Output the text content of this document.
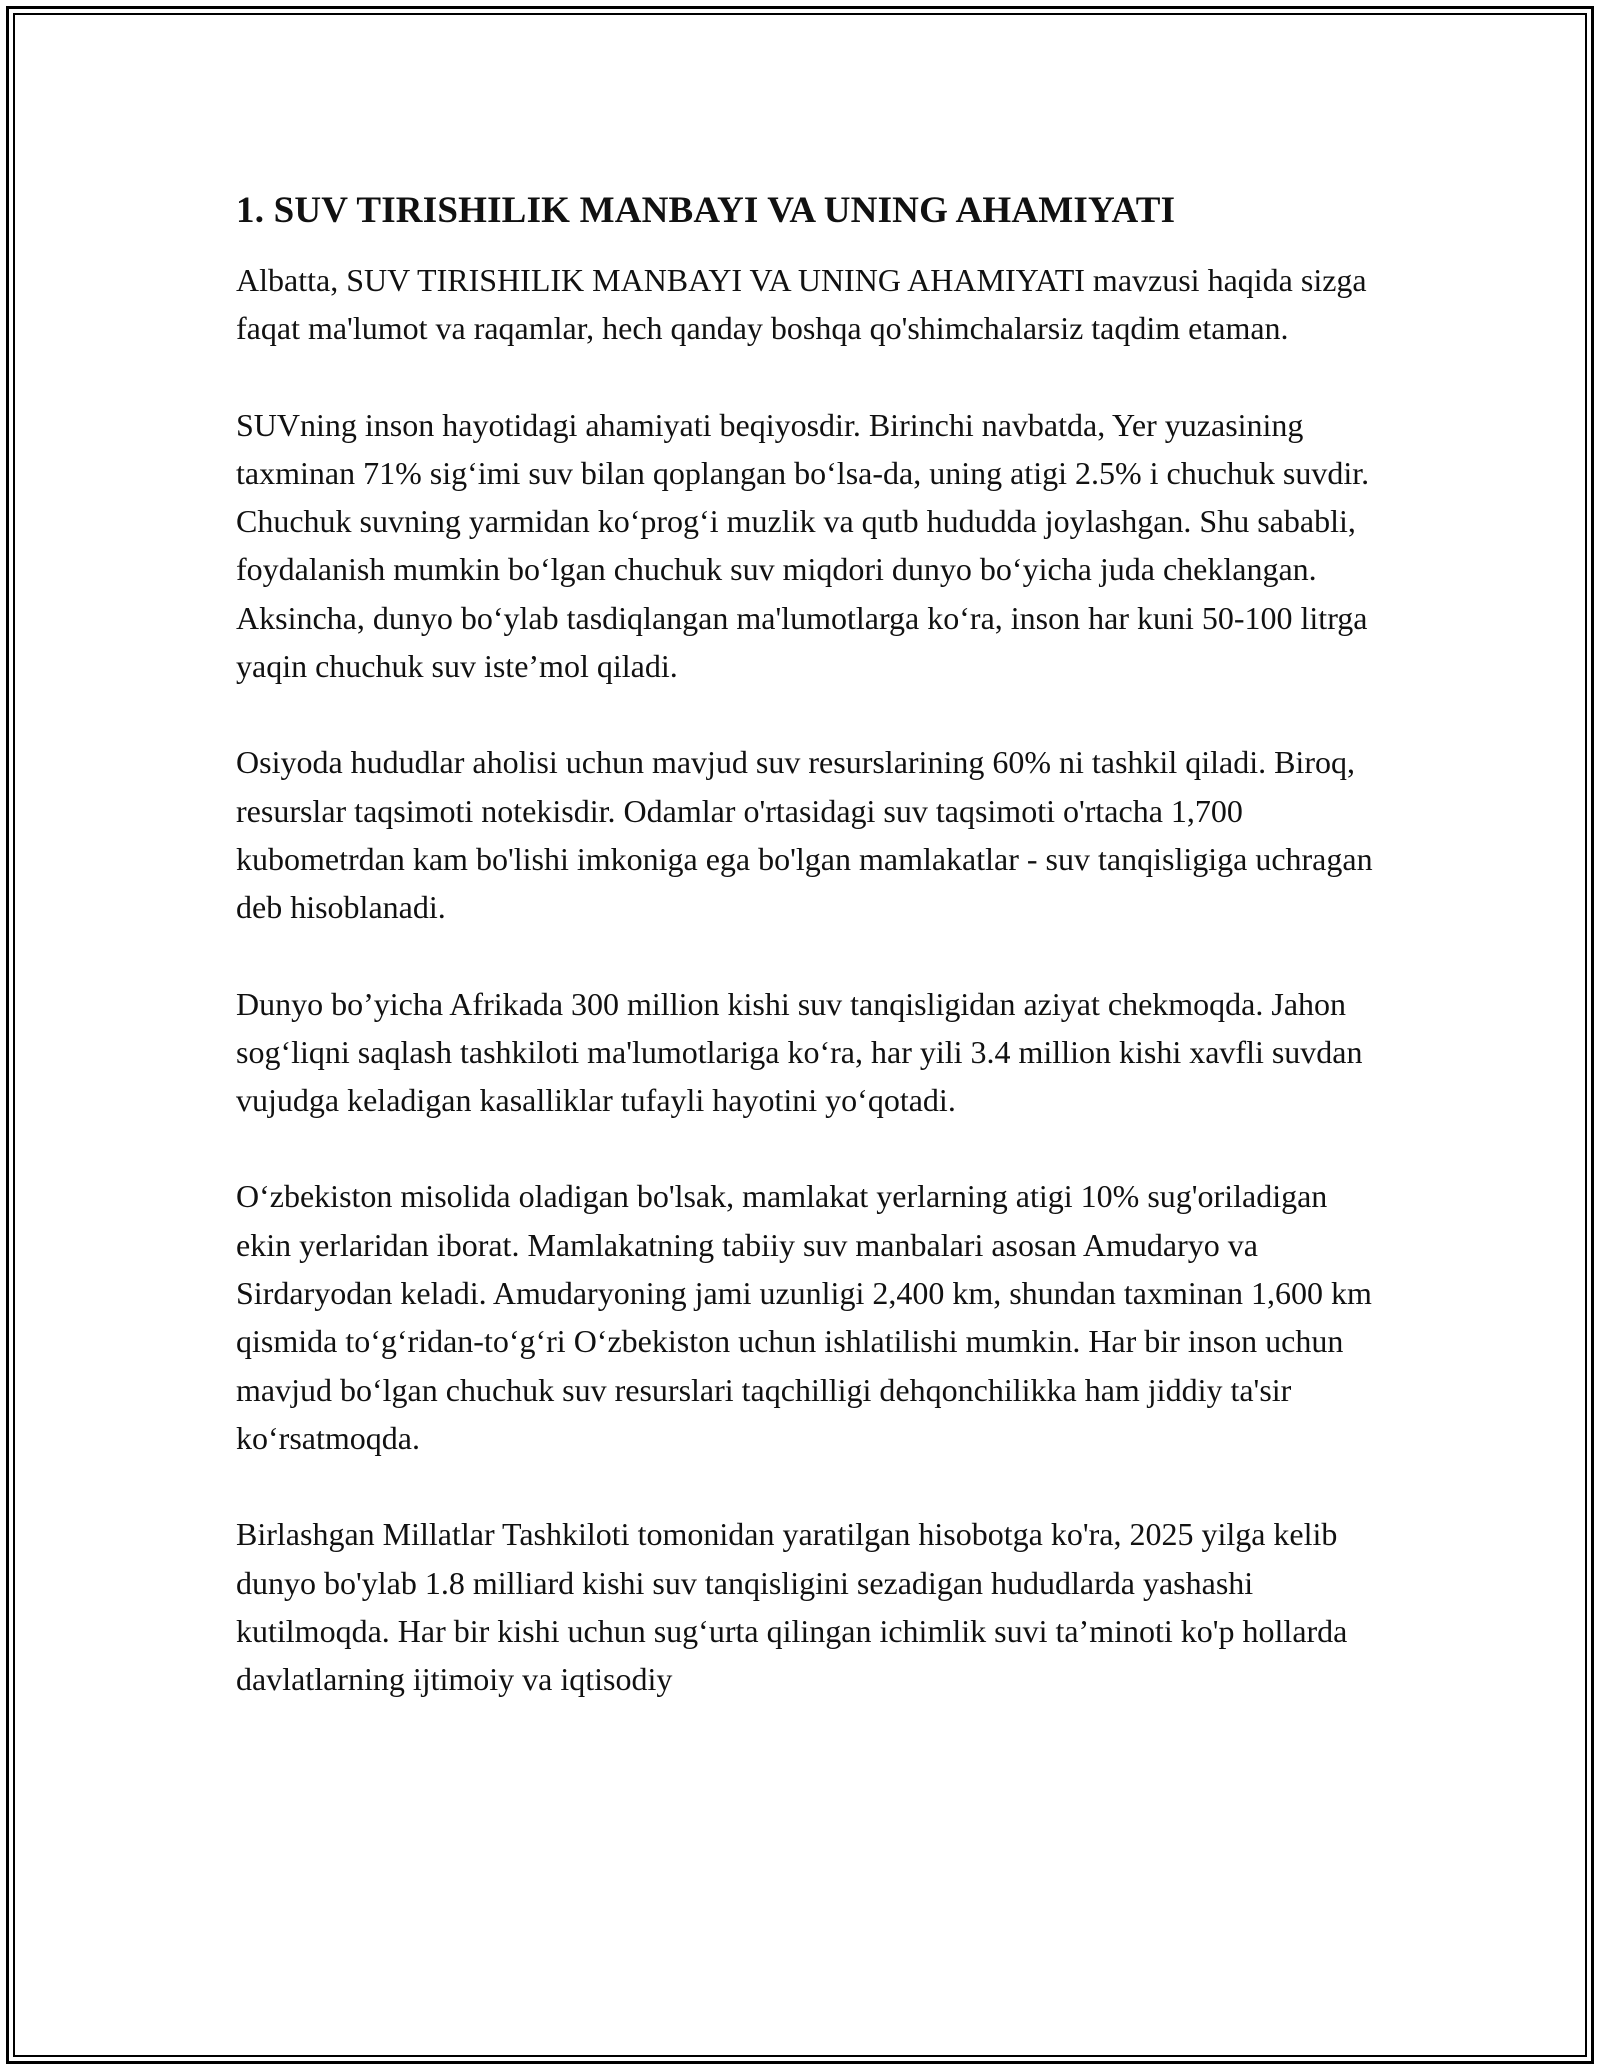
1. SUV TIRISHILIK MANBAYI VA UNING AHAMIYATI

Albatta, SUV TIRISHILIK MANBAYI VA UNING AHAMIYATI mavzusi haqida sizga faqat ma'lumot va raqamlar, hech qanday boshqa qo'shimchalarsiz taqdim etaman.

SUVning inson hayotidagi ahamiyati beqiyosdir. Birinchi navbatda, Yer yuzasining taxminan 71% sig‘imi suv bilan qoplangan bo‘lsa-da, uning atigi 2.5% i chuchuk suvdir. Chuchuk suvning yarmidan ko‘prog‘i muzlik va qutb hududda joylashgan. Shu sababli, foydalanish mumkin bo‘lgan chuchuk suv miqdori dunyo bo‘yicha juda cheklangan. Aksincha, dunyo bo‘ylab tasdiqlangan ma'lumotlarga ko‘ra, inson har kuni 50-100 litrga yaqin chuchuk suv iste’mol qiladi.

Osiyoda hududlar aholisi uchun mavjud suv resurslarining 60% ni tashkil qiladi. Biroq, resurslar taqsimoti notekisdir. Odamlar o'rtasidagi suv taqsimoti o'rtacha 1,700 kubometrdan kam bo'lishi imkoniga ega bo'lgan mamlakatlar - suv tanqisligiga uchragan deb hisoblanadi.

Dunyo bo’yicha Afrikada 300 million kishi suv tanqisligidan aziyat chekmoqda. Jahon sog‘liqni saqlash tashkiloti ma'lumotlariga ko‘ra, har yili 3.4 million kishi xavfli suvdan vujudga keladigan kasalliklar tufayli hayotini yo‘qotadi.

O‘zbekiston misolida oladigan bo'lsak, mamlakat yerlarning atigi 10% sug'oriladigan ekin yerlaridan iborat. Mamlakatning tabiiy suv manbalari asosan Amudaryo va Sirdaryodan keladi. Amudaryoning jami uzunligi 2,400 km, shundan taxminan 1,600 km qismida to‘g‘ridan-to‘g‘ri O‘zbekiston uchun ishlatilishi mumkin. Har bir inson uchun mavjud bo‘lgan chuchuk suv resurslari taqchilligi dehqonchilikka ham jiddiy ta'sir ko‘rsatmoqda.

Birlashgan Millatlar Tashkiloti tomonidan yaratilgan hisobotga ko'ra, 2025 yilga kelib dunyo bo'ylab 1.8 milliard kishi suv tanqisligini sezadigan hududlarda yashashi kutilmoqda. Har bir kishi uchun sug‘urta qilingan ichimlik suvi ta’minoti ko'p hollarda davlatlarning ijtimoiy va iqtisodiy
